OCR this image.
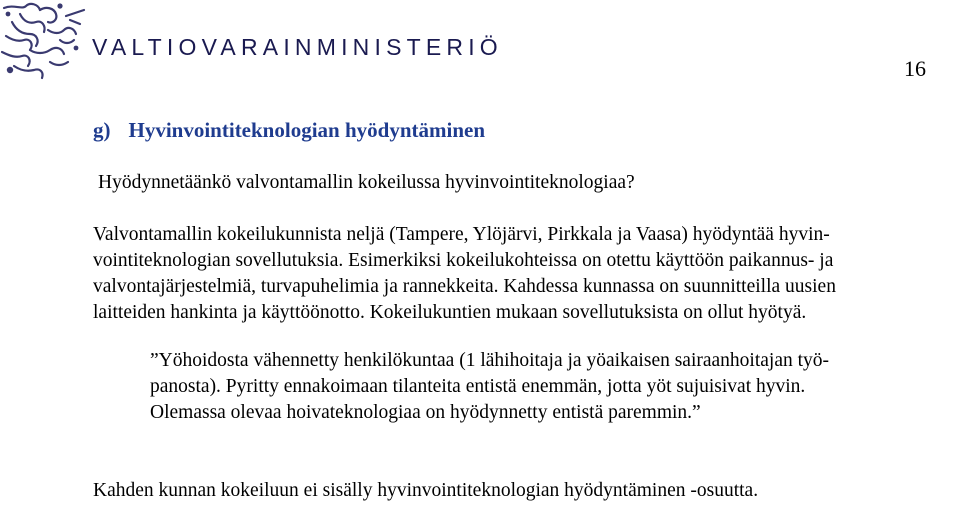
VALTIOVARAINMINISTERIÖ
16
g) Hyvinvointiteknologian hyödyntäminen
Hyödynnetäänkö valvontamallin kokeilussa hyvinvointiteknologiaa?
Valvontamallin kokeilukunnista neljä (Tampere, Ylöjärvi, Pirkkala ja Vaasa) hyödyntää hyvin-
vointiteknologian sovellutuksia. Esimerkiksi kokeilukohteissa on otettu käyttöön paikannus- ja
valvontajärjestelmiä, turvapuhelimia ja rannekkeita. Kahdessa kunnassa on suunnitteilla uusien
laitteiden hankinta ja käyttöönotto. Kokeilukuntien mukaan sovellutuksista on ollut hyötyä.
”Yöhoidosta vähennetty henkilökuntaa (1 lähihoitaja ja yöaikaisen sairaanhoitajan työ-
panosta). Pyritty ennakoimaan tilanteita entistä enemmän, jotta yöt sujuisivat hyvin.
Olemassa olevaa hoivateknologiaa on hyödynnetty entistä paremmin.”
Kahden kunnan kokeiluun ei sisälly hyvinvointiteknologian hyödyntäminen -osuutta.
